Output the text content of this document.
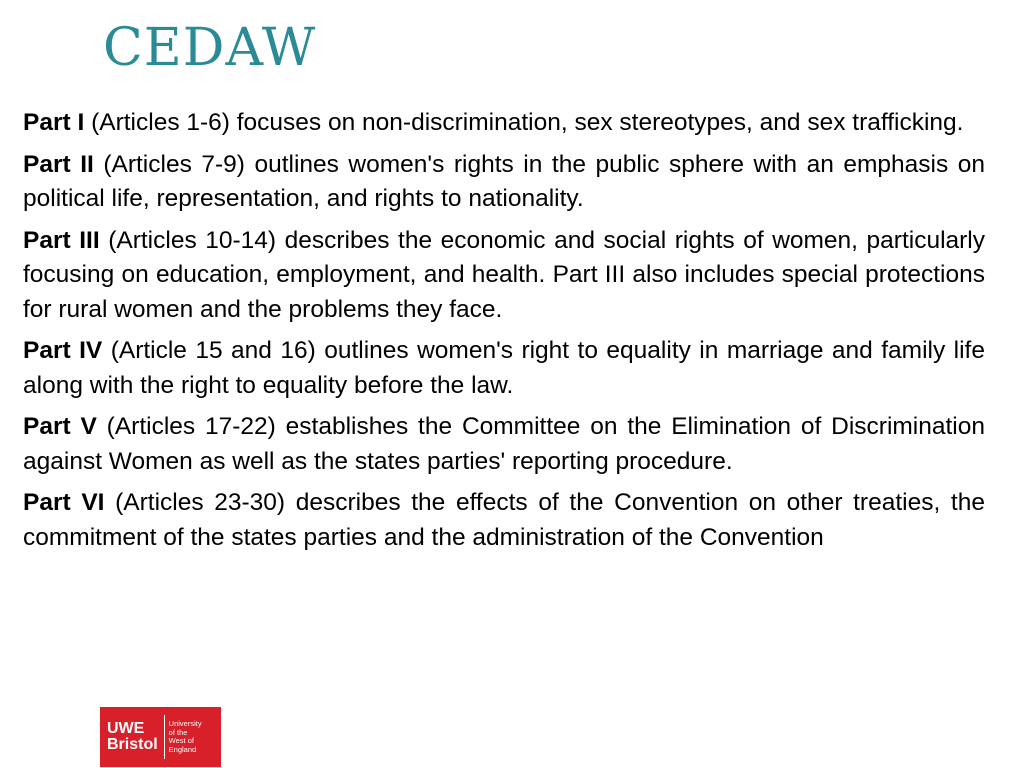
CEDAW

Part I (Articles 1-6) focuses on non-discrimination, sex stereotypes, and sex trafficking.

Part II (Articles 7-9) outlines women's rights in the public sphere with an emphasis on political life, representation, and rights to nationality.

Part III (Articles 10-14) describes the economic and social rights of women, particularly focusing on education, employment, and health. Part III also includes special protections for rural women and the problems they face.

Part IV (Article 15 and 16) outlines women's right to equality in marriage and family life along with the right to equality before the law.

Part V (Articles 17-22) establishes the Committee on the Elimination of Discrimination against Women as well as the states parties' reporting procedure.

Part VI (Articles 23-30) describes the effects of the Convention on other treaties, the commitment of the states parties and the administration of the Convention

UWE
Bristol
University
of the
West of
England
